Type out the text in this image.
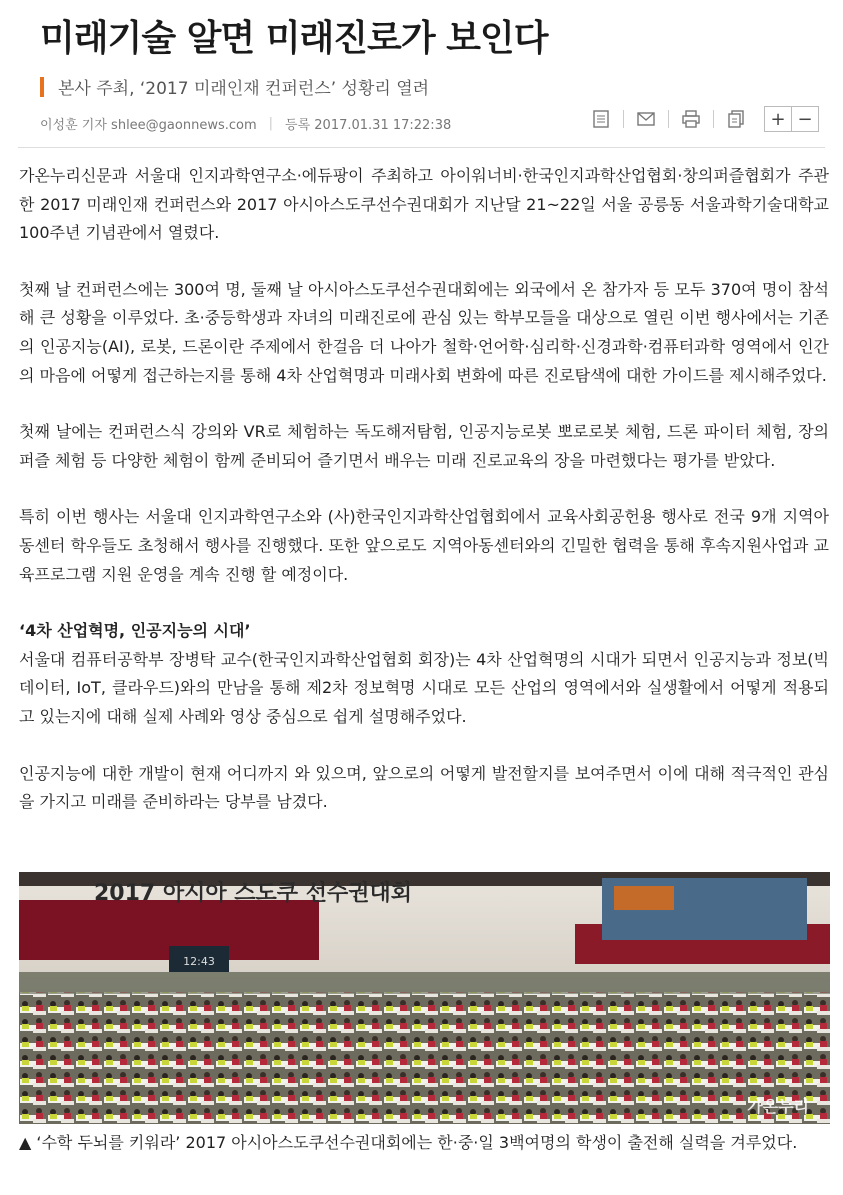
미래기술 알면 미래진로가 보인다
본사 주최, ‘2017 미래인재 컨퍼런스’ 성황리 열려
이성훈 기자 shlee@gaonnews.com | 등록 2017.01.31 17:22:38	+ −

가온누리신문과 서울대 인지과학연구소·에듀팡이 주최하고 아이워너비·한국인지과학산업협회·창의퍼즐협회가 주관한 2017 미래인재 컨퍼런스와 2017 아시아스도쿠선수권대회가 지난달 21~22일 서울 공릉동 서울과학기술대학교 100주년 기념관에서 열렸다.

첫째 날 컨퍼런스에는 300여 명, 둘째 날 아시아스도쿠선수권대회에는 외국에서 온 참가자 등 모두 370여 명이 참석해 큰 성황을 이루었다. 초·중등학생과 자녀의 미래진로에 관심 있는 학부모들을 대상으로 열린 이번 행사에서는 기존의 인공지능(AI), 로봇, 드론이란 주제에서 한걸음 더 나아가 철학·언어학·심리학·신경과학·컴퓨터과학 영역에서 인간의 마음에 어떻게 접근하는지를 통해 4차 산업혁명과 미래사회 변화에 따른 진로탐색에 대한 가이드를 제시해주었다.

첫째 날에는 컨퍼런스식 강의와 VR로 체험하는 독도해저탐험, 인공지능로봇 뽀로로봇 체험, 드론 파이터 체험, 장의퍼즐 체험 등 다양한 체험이 함께 준비되어 즐기면서 배우는 미래 진로교육의 장을 마련했다는 평가를 받았다.

특히 이번 행사는 서울대 인지과학연구소와 (사)한국인지과학산업협회에서 교육사회공헌용 행사로 전국 9개 지역아동센터 학우들도 초청해서 행사를 진행했다. 또한 앞으로도 지역아동센터와의 긴밀한 협력을 통해 후속지원사업과 교육프로그램 지원 운영을 계속 진행 할 예정이다.

‘4차 산업혁명, 인공지능의 시대’

서울대 컴퓨터공학부 장병탁 교수(한국인지과학산업협회 회장)는 4차 산업혁명의 시대가 되면서 인공지능과 정보(빅데이터, IoT, 클라우드)와의 만남을 통해 제2차 정보혁명 시대로 모든 산업의 영역에서와 실생활에서 어떻게 적용되고 있는지에 대해 실제 사례와 영상 중심으로 쉽게 설명해주었다.

인공지능에 대한 개발이 현재 어디까지 와 있으며, 앞으로의 어떻게 발전할지를 보여주면서 이에 대해 적극적인 관심을 가지고 미래를 준비하라는 당부를 남겼다.

12:43
2017 아시아 스도쿠 선수권대회
가온누리
▲ ‘수학 두뇌를 키워라’ 2017 아시아스도쿠선수권대회에는 한·중·일 3백여명의 학생이 출전해 실력을 겨루었다.
